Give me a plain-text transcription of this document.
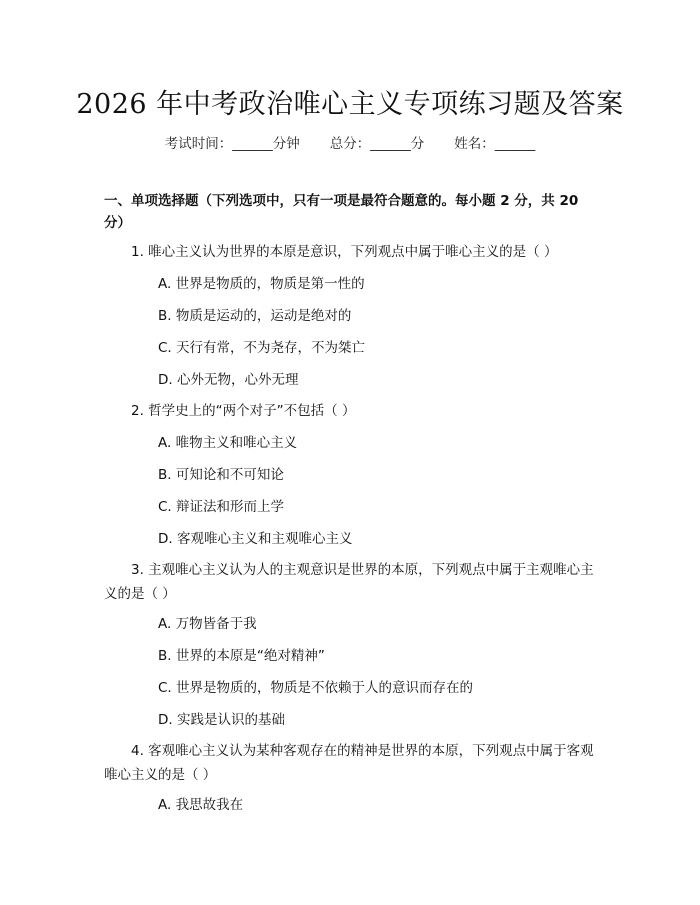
2026 年中考政治唯心主义专项练习题及答案
考试时间：______分钟 总分：______分 姓名：______
一、单项选择题（下列选项中，只有一项是最符合题意的。每小题 2 分，共 20 分）
1. 唯心主义认为世界的本原是意识，下列观点中属于唯心主义的是（ ）
A. 世界是物质的，物质是第一性的
B. 物质是运动的，运动是绝对的
C. 天行有常，不为尧存，不为桀亡
D. 心外无物，心外无理
2. 哲学史上的“两个对子”不包括（ ）
A. 唯物主义和唯心主义
B. 可知论和不可知论
C. 辩证法和形而上学
D. 客观唯心主义和主观唯心主义
3. 主观唯心主义认为人的主观意识是世界的本原，下列观点中属于主观唯心主义的是（ ）
A. 万物皆备于我
B. 世界的本原是“绝对精神”
C. 世界是物质的，物质是不依赖于人的意识而存在的
D. 实践是认识的基础
4. 客观唯心主义认为某种客观存在的精神是世界的本原，下列观点中属于客观唯心主义的是（ ）
A. 我思故我在
